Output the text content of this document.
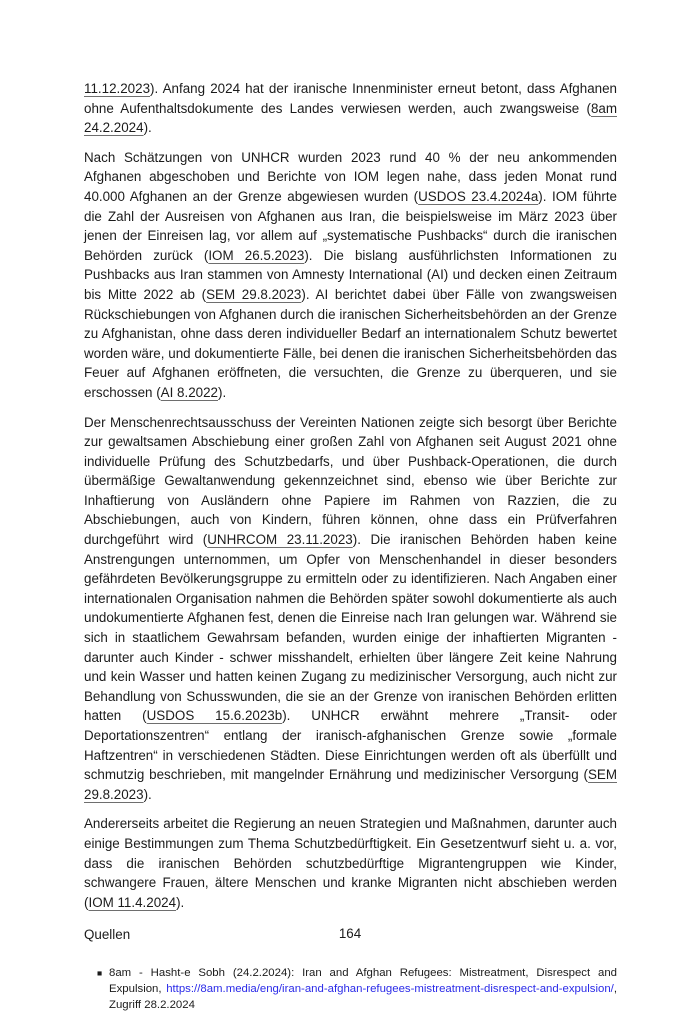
11.12.2023). Anfang 2024 hat der iranische Innenminister erneut betont, dass Afghanen ohne Aufenthaltsdokumente des Landes verwiesen werden, auch zwangsweise (8am 24.2.2024).

Nach Schätzungen von UNHCR wurden 2023 rund 40 % der neu ankommenden Afghanen abgeschoben und Berichte von IOM legen nahe, dass jeden Monat rund 40.000 Afghanen an der Grenze abgewiesen wurden (USDOS 23.4.2024a). IOM führte die Zahl der Ausreisen von Afghanen aus Iran, die beispielsweise im März 2023 über jenen der Einreisen lag, vor allem auf „systematische Pushbacks“ durch die iranischen Behörden zurück (IOM 26.5.2023). Die bislang ausführlichsten Informationen zu Pushbacks aus Iran stammen von Amnesty International (AI) und decken einen Zeitraum bis Mitte 2022 ab (SEM 29.8.2023). AI berichtet dabei über Fälle von zwangsweisen Rückschiebungen von Afghanen durch die iranischen Sicherheitsbehörden an der Grenze zu Afghanistan, ohne dass deren individueller Bedarf an internationalem Schutz bewertet worden wäre, und dokumentierte Fälle, bei denen die iranischen Sicherheitsbehörden das Feuer auf Afghanen eröffneten, die versuchten, die Grenze zu überqueren, und sie erschossen (AI 8.2022).

Der Menschenrechtsausschuss der Vereinten Nationen zeigte sich besorgt über Berichte zur gewaltsamen Abschiebung einer großen Zahl von Afghanen seit August 2021 ohne individuelle Prüfung des Schutzbedarfs, und über Pushback-Operationen, die durch übermäßige Gewaltanwendung gekennzeichnet sind, ebenso wie über Berichte zur Inhaftierung von Ausländern ohne Papiere im Rahmen von Razzien, die zu Abschiebungen, auch von Kindern, führen können, ohne dass ein Prüfverfahren durchgeführt wird (UNHRCOM 23.11.2023). Die iranischen Behörden haben keine Anstrengungen unternommen, um Opfer von Menschenhandel in dieser besonders gefährdeten Bevölkerungsgruppe zu ermitteln oder zu identifizieren. Nach Angaben einer internationalen Organisation nahmen die Behörden später sowohl dokumentierte als auch undokumentierte Afghanen fest, denen die Einreise nach Iran gelungen war. Während sie sich in staatlichem Gewahrsam befanden, wurden einige der inhaftierten Migranten - darunter auch Kinder - schwer misshandelt, erhielten über längere Zeit keine Nahrung und kein Wasser und hatten keinen Zugang zu medizinischer Versorgung, auch nicht zur Behandlung von Schusswunden, die sie an der Grenze von iranischen Behörden erlitten hatten (USDOS 15.6.2023b). UNHCR erwähnt mehrere „Transit- oder Deportationszentren“ entlang der iranisch-afghanischen Grenze sowie „formale Haftzentren“ in verschiedenen Städten. Diese Einrichtungen werden oft als überfüllt und schmutzig beschrieben, mit mangelnder Ernährung und medizinischer Versorgung (SEM 29.8.2023).

Andererseits arbeitet die Regierung an neuen Strategien und Maßnahmen, darunter auch einige Bestimmungen zum Thema Schutzbedürftigkeit. Ein Gesetzentwurf sieht u. a. vor, dass die iranischen Behörden schutzbedürftige Migrantengruppen wie Kinder, schwangere Frauen, ältere Menschen und kranke Migranten nicht abschieben werden (IOM 11.4.2024).

Quellen
■ 8am - Hasht-e Sobh (24.2.2024): Iran and Afghan Refugees: Mistreatment, Disrespect and Expulsion, https://8am.media/eng/iran-and-afghan-refugees-mistreatment-disrespect-and-expulsion/, Zugriff 28.2.2024
164
